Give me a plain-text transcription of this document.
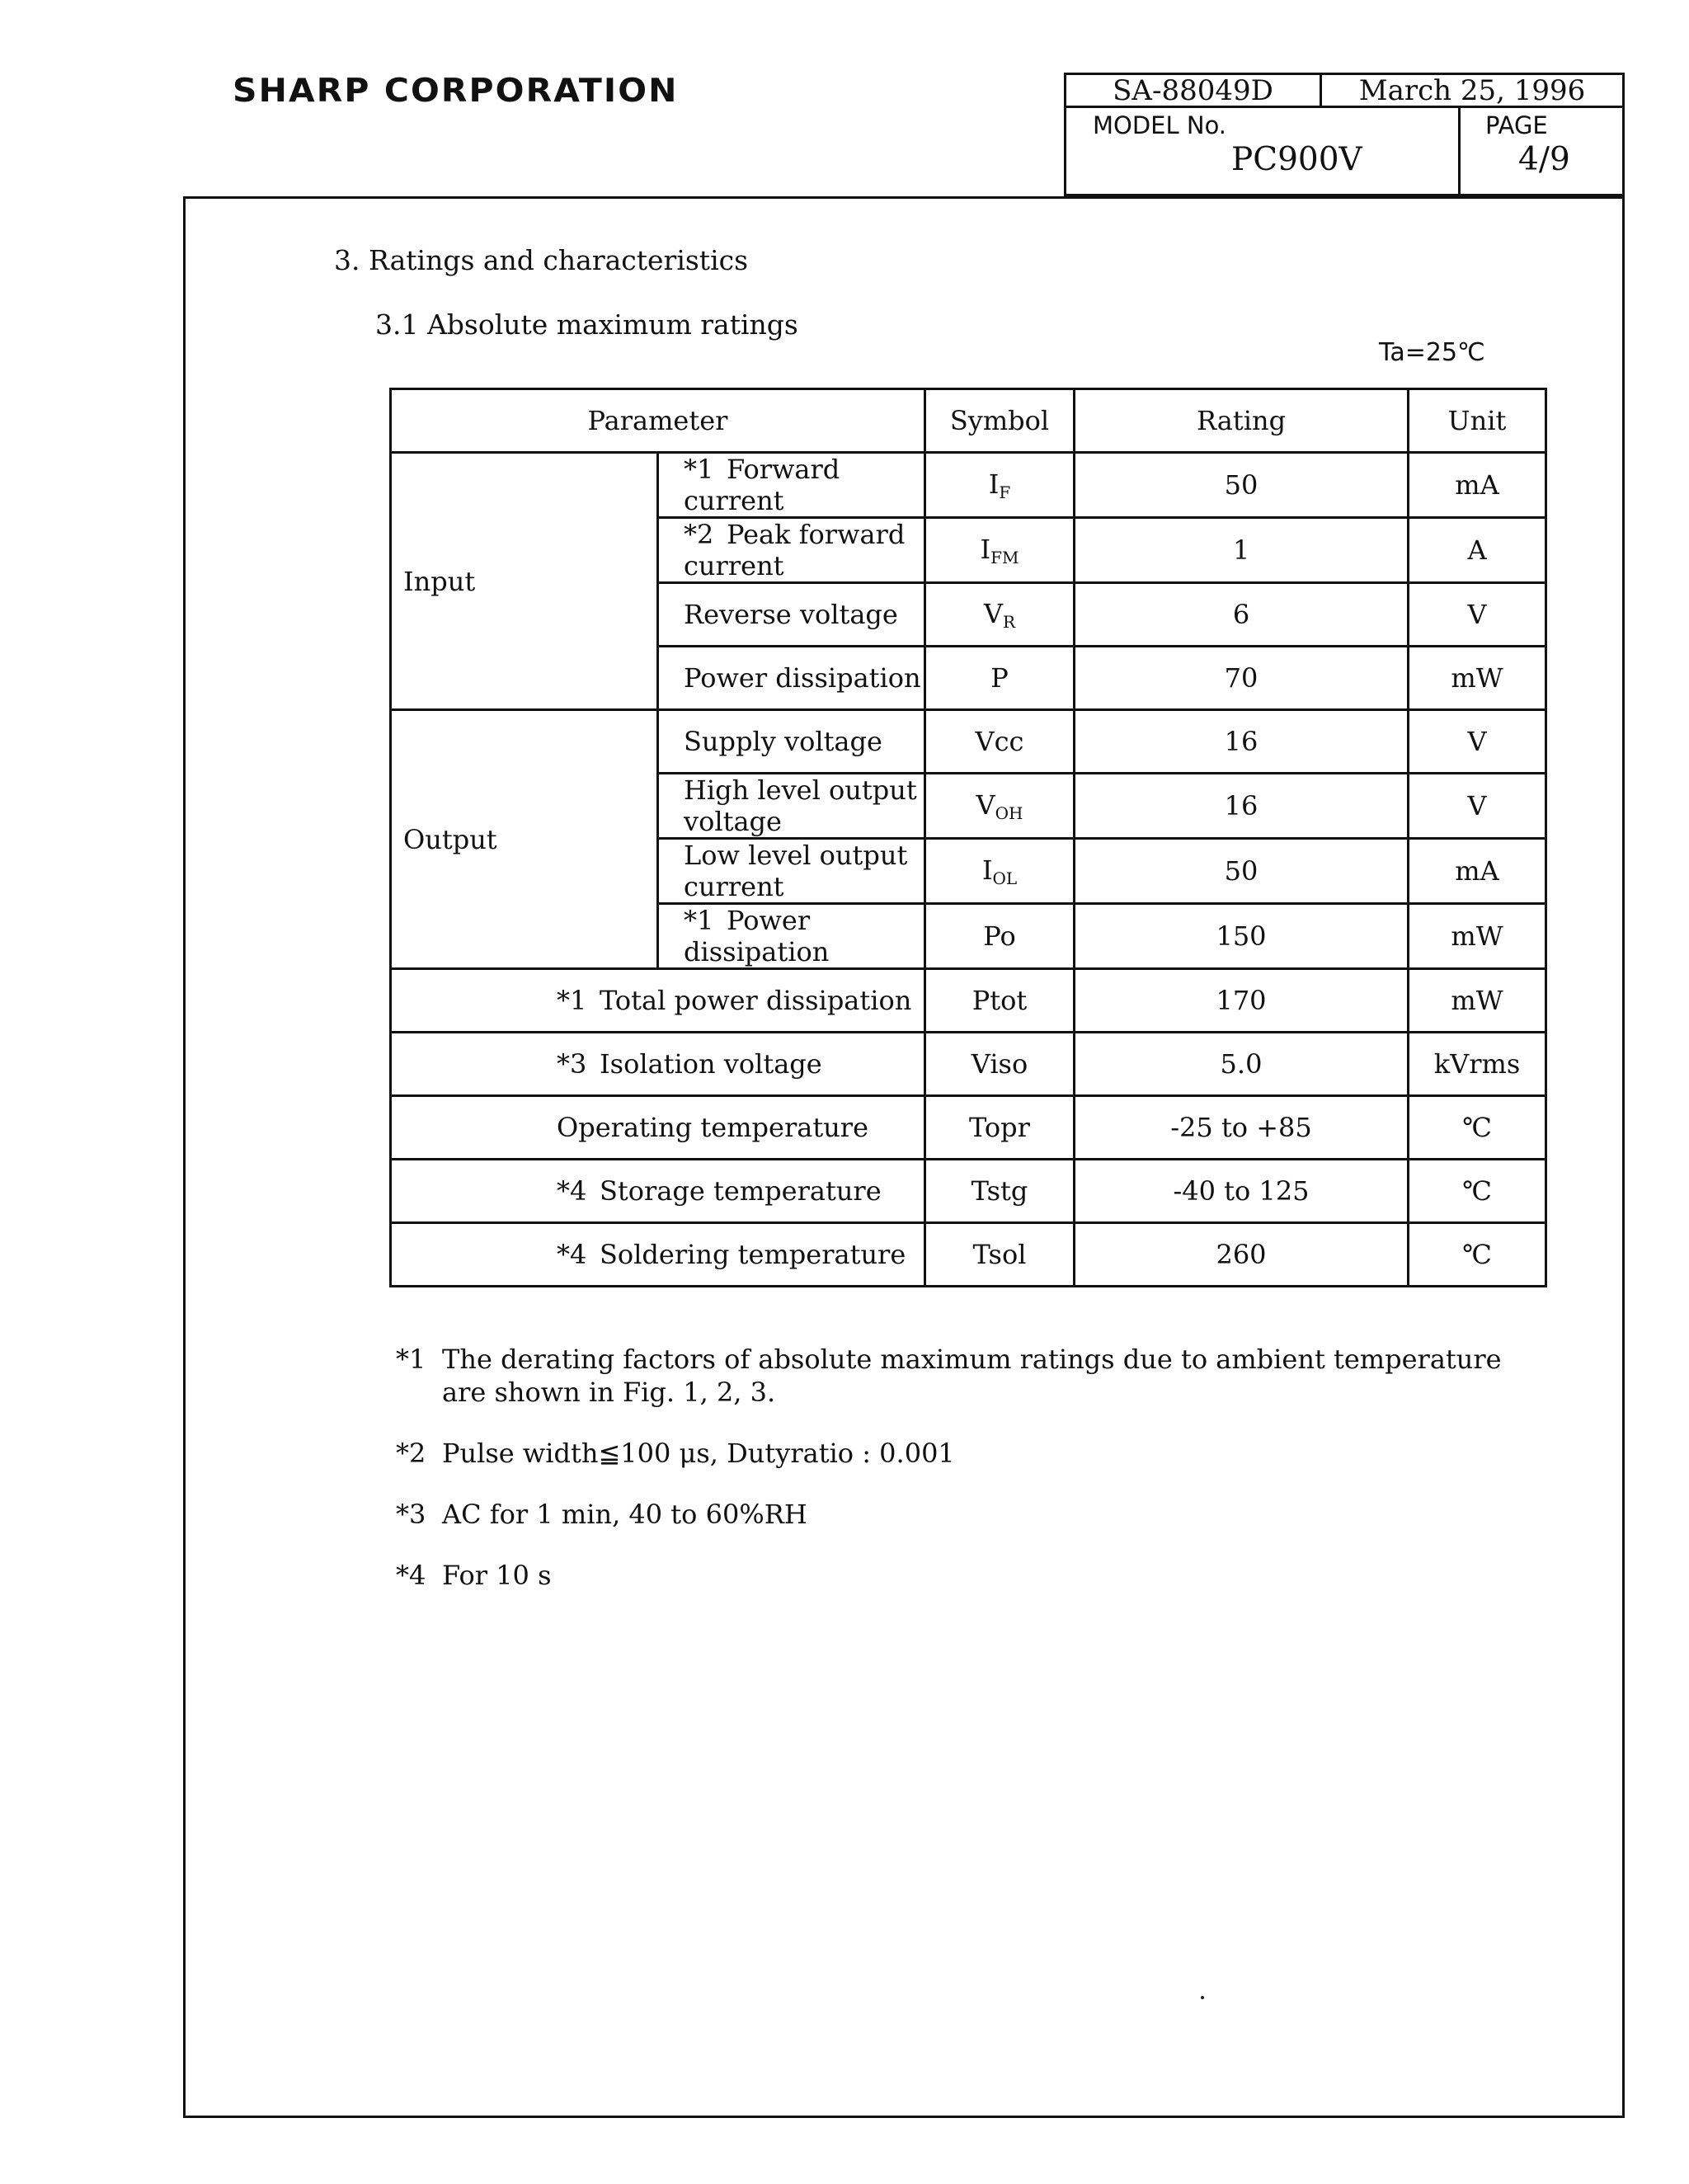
SHARP CORPORATION	SA-88049D	March 25, 1996
MODEL No.
PC900V
PAGE
4/9
3. Ratings and characteristics
3.1 Absolute maximum ratings
Ta=25℃
Parameter		Symbol	Rating	Unit
Input	*1 Forward current	$I_F$	50	mA
	*2 Peak forward current	$I_{FM}$	1	A
	Reverse voltage	$V_R$	6	V
	Power dissipation	P	70	mW
Output	Supply voltage	Vcc	16	V
	High level output voltage	$V_{OH}$	16	V
	Low level output current	$I_{OL}$	50	mA
	*1 Power dissipation	Po	150	mW
*1 Total power dissipation		Ptot	170	mW
*3 Isolation voltage		Viso	5.0	kVrms
Operating temperature		Topr	-25 to +85	℃
*4 Storage temperature		Tstg	-40 to 125	℃
*4 Soldering temperature		Tsol	260	℃
*1 The derating factors of absolute maximum ratings due to ambient temperature are shown in Fig. 1, 2, 3.
*2 Pulse width≦100 μs, Dutyratio : 0.001
*3 AC for 1 min, 40 to 60%RH
*4 For 10 s
